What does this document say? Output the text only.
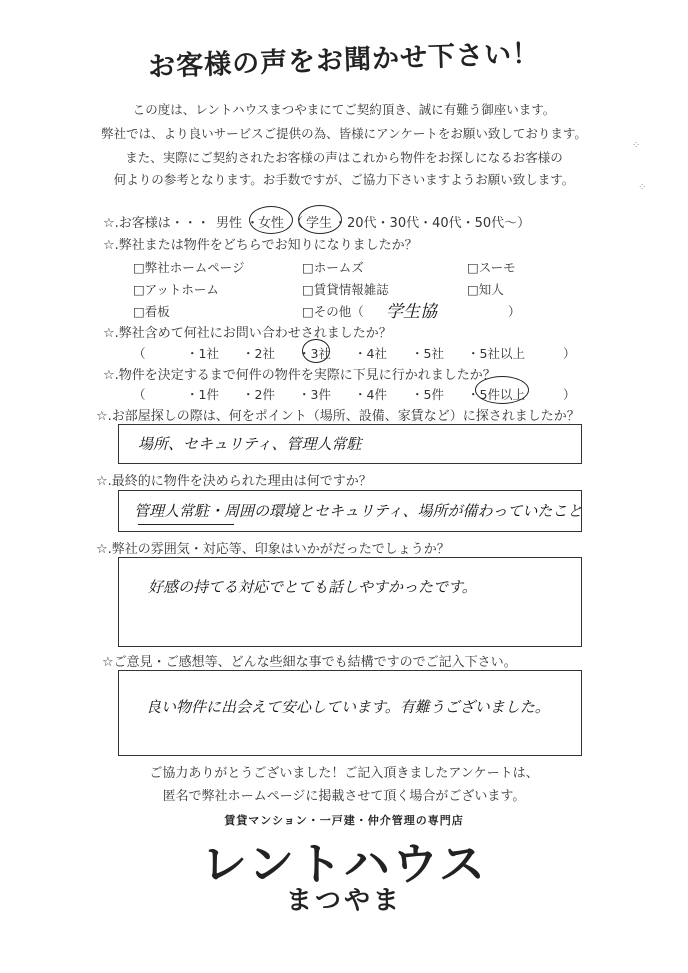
お客様の声をお聞かせ下さい！
この度は、レントハウスまつやまにてご契約頂き、誠に有難う御座います。
弊社では、より良いサービスご提供の為、皆様にアンケートをお願い致しております。
また、実際にご契約されたお客様の声はこれから物件をお探しになるお客様の
何よりの参考となります。お手数ですが、ご協力下さいますようお願い致します。
☆.お客様は・・・ 男性 ・
女性 （ 学生 ・20代・30代・40代・50代〜）
☆.弊社または物件をどちらでお知りになりましたか？
□弊社ホームページ	□ホームズ	□スーモ
□アットホーム	□賃貸情報雑誌	□知人
□看板	□その他（ 学生協	）
☆.弊社含めて何社にお問い合わせされましたか？
（	・1社 ・2社 ・3社 ・4社 ・5社 ・5社以上	）
☆.物件を決定するまで何件の物件を実際に下見に行かれましたか？
（	・1件 ・2件 ・3件 ・4件 ・5件 ・5件以上	）
☆.お部屋探しの際は、何をポイント（場所、設備、家賃など）に探されましたか？
場所、セキュリティ、管理人常駐
☆.最終的に物件を決められた理由は何ですか？
管理人常駐・周囲の環境とセキュリティ、場所が備わっていたこと
☆.弊社の雰囲気・対応等、印象はいかがだったでしょうか？
好感の持てる対応でとても話しやすかったです。
☆ご意見・ご感想等、どんな些細な事でも結構ですのでご記入下さい。
良い物件に出会えて安心しています。有難うございました。
ご協力ありがとうございました！ご記入頂きましたアンケートは、
匿名で弊社ホームページに掲載させて頂く場合がございます。
賃貸マンション・一戸建・仲介管理の専門店
レントハウス
まつやま
⁘
⁘
